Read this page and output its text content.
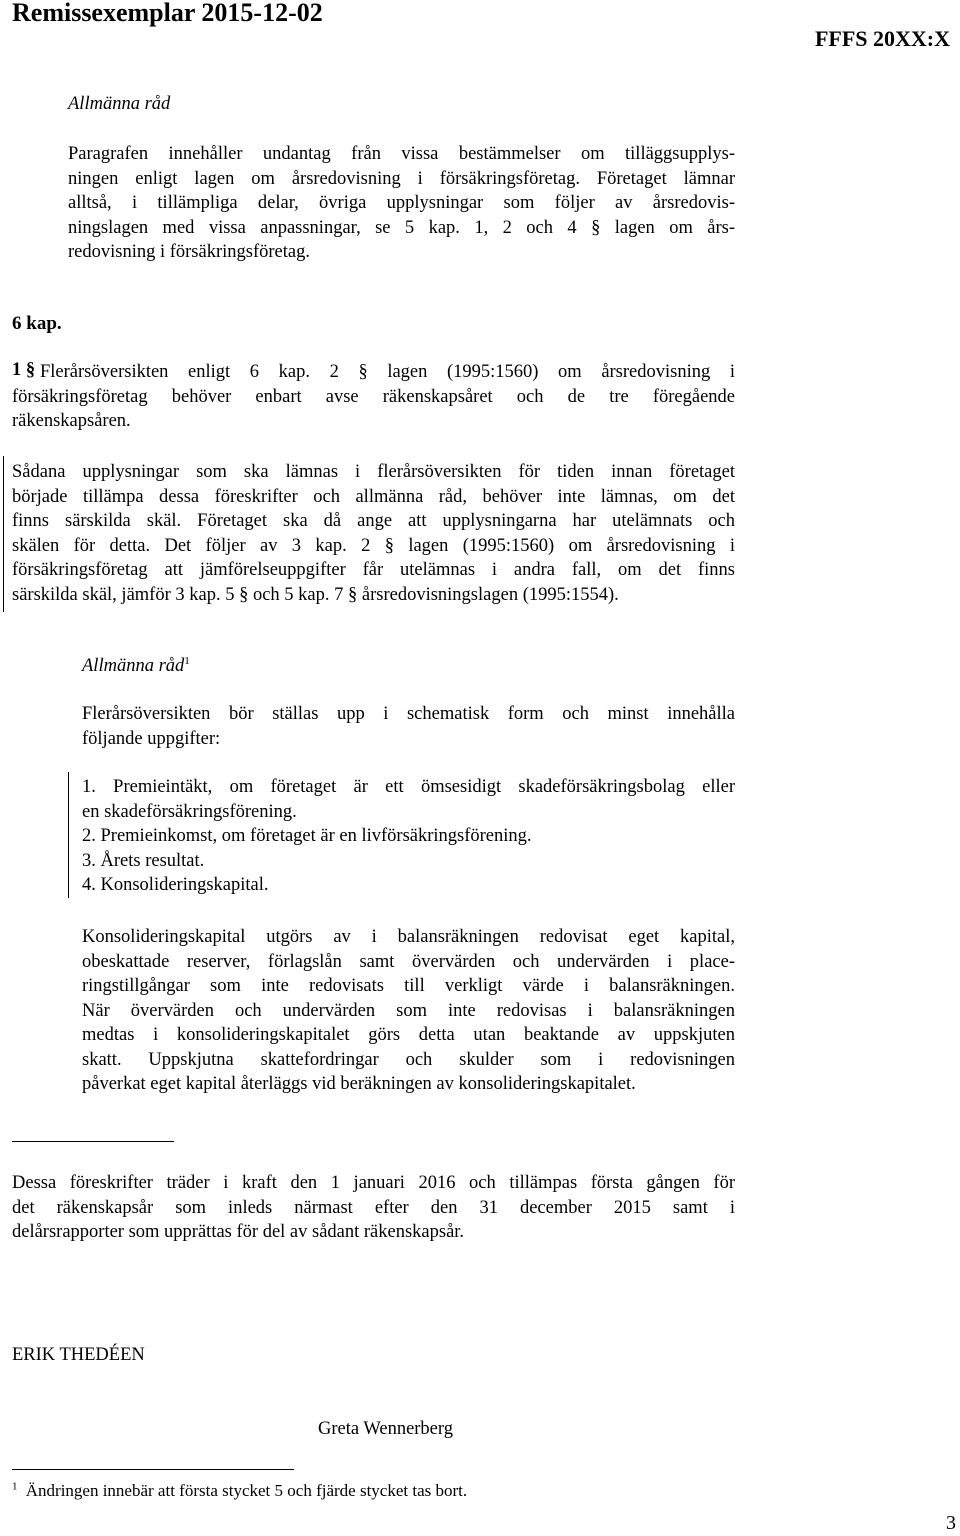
Remissexemplar 2015-12-02
FFFS 20XX:X
Allmänna råd
Paragrafen innehåller undantag från vissa bestämmelser om tilläggsupplys-
ningen enligt lagen om årsredovisning i försäkringsföretag. Företaget lämnar
alltså, i tillämpliga delar, övriga upplysningar som följer av årsredovis-
ningslagen med vissa anpassningar, se 5 kap. 1, 2 och 4 § lagen om års-
redovisning i försäkringsföretag.
6 kap.
1 § Flerårsöversikten enligt 6 kap. 2 § lagen (1995:1560) om årsredovisning i
försäkringsföretag behöver enbart avse räkenskapsåret och de tre föregående
räkenskapsåren.
Sådana upplysningar som ska lämnas i flerårsöversikten för tiden innan företaget
började tillämpa dessa föreskrifter och allmänna råd, behöver inte lämnas, om det
finns särskilda skäl. Företaget ska då ange att upplysningarna har utelämnats och
skälen för detta. Det följer av 3 kap. 2 § lagen (1995:1560) om årsredovisning i
försäkringsföretag att jämförelseuppgifter får utelämnas i andra fall, om det finns
särskilda skäl, jämför 3 kap. 5 § och 5 kap. 7 § årsredovisningslagen (1995:1554).
Allmänna råd$^1$
Flerårsöversikten bör ställas upp i schematisk form och minst innehålla
följande uppgifter:
1. Premieintäkt, om företaget är ett ömsesidigt skadeförsäkringsbolag eller
en skadeförsäkringsförening.
2. Premieinkomst, om företaget är en livförsäkringsförening.
3. Årets resultat.
4. Konsolideringskapital.
Konsolideringskapital utgörs av i balansräkningen redovisat eget kapital,
obeskattade reserver, förlagslån samt övervärden och undervärden i place-
ringstillgångar som inte redovisats till verkligt värde i balansräkningen.
När övervärden och undervärden som inte redovisas i balansräkningen
medtas i konsolideringskapitalet görs detta utan beaktande av uppskjuten
skatt. Uppskjutna skattefordringar och skulder som i redovisningen
påverkat eget kapital återläggs vid beräkningen av konsolideringskapitalet.
Dessa föreskrifter träder i kraft den 1 januari 2016 och tillämpas första gången för
det räkenskapsår som inleds närmast efter den 31 december 2015 samt i
delårsrapporter som upprättas för del av sådant räkenskapsår.
ERIK THEDÉEN
Greta Wennerberg
$^1$ Ändringen innebär att första stycket 5 och fjärde stycket tas bort.
3
